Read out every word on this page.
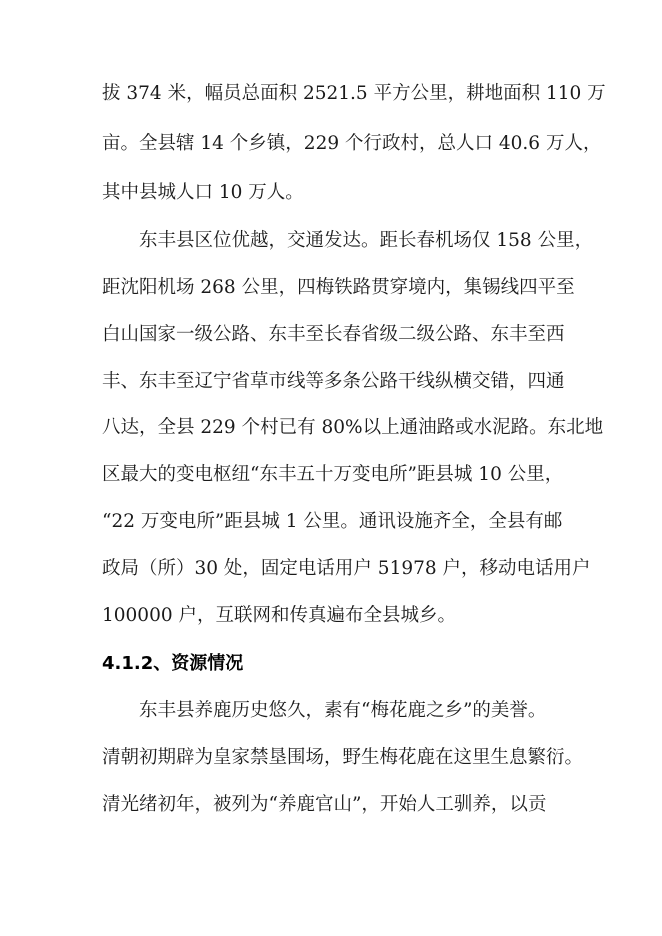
拔 374 米，幅员总面积 2521.5 平方公里，耕地面积 110 万
亩。全县辖 14 个乡镇，229 个行政村，总人口 40.6 万人，
其中县城人口 10 万人。
东丰县区位优越，交通发达。距长春机场仅 158 公里，
距沈阳机场 268 公里，四梅铁路贯穿境内，集锡线四平至
白山国家一级公路、东丰至长春省级二级公路、东丰至西
丰、东丰至辽宁省草市线等多条公路干线纵横交错，四通
八达，全县 229 个村已有 80%以上通油路或水泥路。东北地
区最大的变电枢纽“东丰五十万变电所”距县城 10 公里，
“22 万变电所”距县城 1 公里。通讯设施齐全，全县有邮
政局（所）30 处，固定电话用户 51978 户，移动电话用户
100000 户，互联网和传真遍布全县城乡。
4.1.2、资源情况
东丰县养鹿历史悠久，素有“梅花鹿之乡”的美誉。
清朝初期辟为皇家禁垦围场，野生梅花鹿在这里生息繁衍。
清光绪初年，被列为“养鹿官山”，开始人工驯养，以贡
